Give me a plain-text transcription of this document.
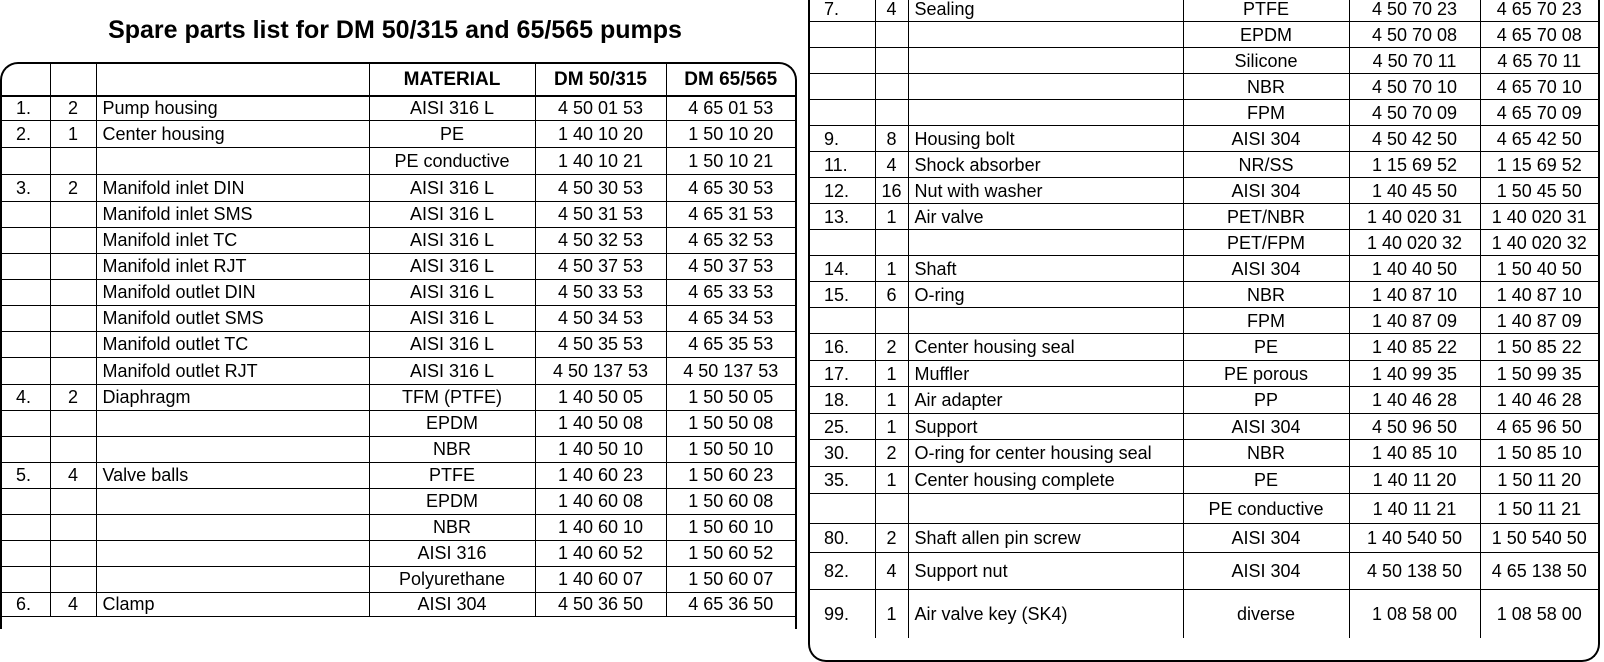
Spare parts list for DM 50/315 and 65/565 pumps
			MATERIAL	DM 50/315	DM 65/565
1.	2	Pump housing	AISI 316 L	4 50 01 53	4 65 01 53
2.	1	Center housing	PE	1 40 10 20	1 50 10 20
			PE conductive	1 40 10 21	1 50 10 21
3.	2	Manifold inlet DIN	AISI 316 L	4 50 30 53	4 65 30 53
		Manifold inlet SMS	AISI 316 L	4 50 31 53	4 65 31 53
		Manifold inlet TC	AISI 316 L	4 50 32 53	4 65 32 53
		Manifold inlet RJT	AISI 316 L	4 50 37 53	4 50 37 53
		Manifold outlet DIN	AISI 316 L	4 50 33 53	4 65 33 53
		Manifold outlet SMS	AISI 316 L	4 50 34 53	4 65 34 53
		Manifold outlet TC	AISI 316 L	4 50 35 53	4 65 35 53
		Manifold outlet RJT	AISI 316 L	4 50 137 53	4 50 137 53
4.	2	Diaphragm	TFM (PTFE)	1 40 50 05	1 50 50 05
			EPDM	1 40 50 08	1 50 50 08
			NBR	1 40 50 10	1 50 50 10
5.	4	Valve balls	PTFE	1 40 60 23	1 50 60 23
			EPDM	1 40 60 08	1 50 60 08
			NBR	1 40 60 10	1 50 60 10
			AISI 316	1 40 60 52	1 50 60 52
			Polyurethane	1 40 60 07	1 50 60 07
6.	4	Clamp	AISI 304	4 50 36 50	4 65 36 50
7.	4	Sealing	PTFE	4 50 70 23	4 65 70 23
			EPDM	4 50 70 08	4 65 70 08
			Silicone	4 50 70 11	4 65 70 11
			NBR	4 50 70 10	4 65 70 10
			FPM	4 50 70 09	4 65 70 09
9.	8	Housing bolt	AISI 304	4 50 42 50	4 65 42 50
11.	4	Shock absorber	NR/SS	1 15 69 52	1 15 69 52
12.	16	Nut with washer	AISI 304	1 40 45 50	1 50 45 50
13.	1	Air valve	PET/NBR	1 40 020 31	1 40 020 31
			PET/FPM	1 40 020 32	1 40 020 32
14.	1	Shaft	AISI 304	1 40 40 50	1 50 40 50
15.	6	O-ring	NBR	1 40 87 10	1 40 87 10
			FPM	1 40 87 09	1 40 87 09
16.	2	Center housing seal	PE	1 40 85 22	1 50 85 22
17.	1	Muffler	PE porous	1 40 99 35	1 50 99 35
18.	1	Air adapter	PP	1 40 46 28	1 40 46 28
25.	1	Support	AISI 304	4 50 96 50	4 65 96 50
30.	2	O-ring for center housing seal	NBR	1 40 85 10	1 50 85 10
35.	1	Center housing complete	PE	1 40 11 20	1 50 11 20
			PE conductive	1 40 11 21	1 50 11 21
80.	2	Shaft allen pin screw	AISI 304	1 40 540 50	1 50 540 50
82.	4	Support nut	AISI 304	4 50 138 50	4 65 138 50
99.	1	Air valve key (SK4)	diverse	1 08 58 00	1 08 58 00
